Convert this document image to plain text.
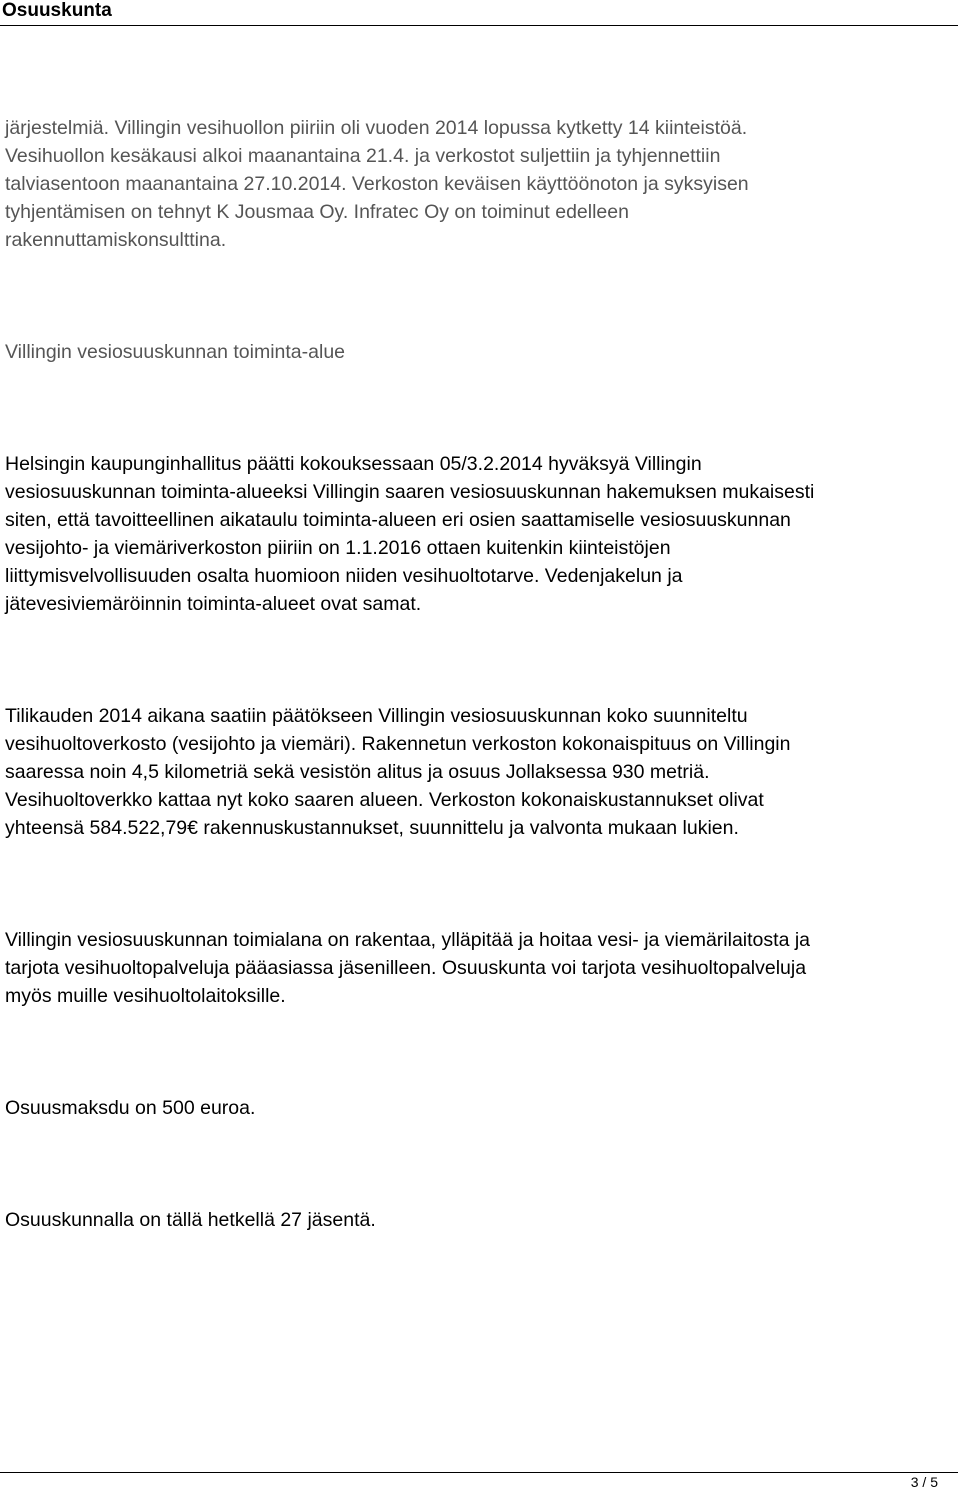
Osuuskunta
järjestelmiä. Villingin vesihuollon piiriin oli vuoden 2014 lopussa kytketty 14 kiinteistöä.
Vesihuollon kesäkausi alkoi maanantaina 21.4. ja verkostot suljettiin ja tyhjennettiin
talviasentoon maanantaina 27.10.2014. Verkoston keväisen käyttöönoton ja syksyisen
tyhjentämisen on tehnyt K Jousmaa Oy. Infratec Oy on toiminut edelleen
rakennuttamiskonsulttina.
Villingin vesiosuuskunnan toiminta-alue
Helsingin kaupunginhallitus päätti kokouksessaan 05/3.2.2014 hyväksyä Villingin
vesiosuuskunnan toiminta-alueeksi Villingin saaren vesiosuuskunnan hakemuksen mukaisesti
siten, että tavoitteellinen aikataulu toiminta-alueen eri osien saattamiselle vesiosuuskunnan
vesijohto- ja viemäriverkoston piiriin on 1.1.2016 ottaen kuitenkin kiinteistöjen
liittymisvelvollisuuden osalta huomioon niiden vesihuoltotarve. Vedenjakelun ja
jätevesiviemäröinnin toiminta-alueet ovat samat.
Tilikauden 2014 aikana saatiin päätökseen Villingin vesiosuuskunnan koko suunniteltu
vesihuoltoverkosto (vesijohto ja viemäri). Rakennetun verkoston kokonaispituus on Villingin
saaressa noin 4,5 kilometriä sekä vesistön alitus ja osuus Jollaksessa 930 metriä.
Vesihuoltoverkko kattaa nyt koko saaren alueen. Verkoston kokonaiskustannukset olivat
yhteensä 584.522,79€ rakennuskustannukset, suunnittelu ja valvonta mukaan lukien.
Villingin vesiosuuskunnan toimialana on rakentaa, ylläpitää ja hoitaa vesi- ja viemärilaitosta ja
tarjota vesihuoltopalveluja pääasiassa jäsenilleen. Osuuskunta voi tarjota vesihuoltopalveluja
myös muille vesihuoltolaitoksille.
Osuusmaksdu on 500 euroa.
Osuuskunnalla on tällä hetkellä 27 jäsentä.
3 / 5
